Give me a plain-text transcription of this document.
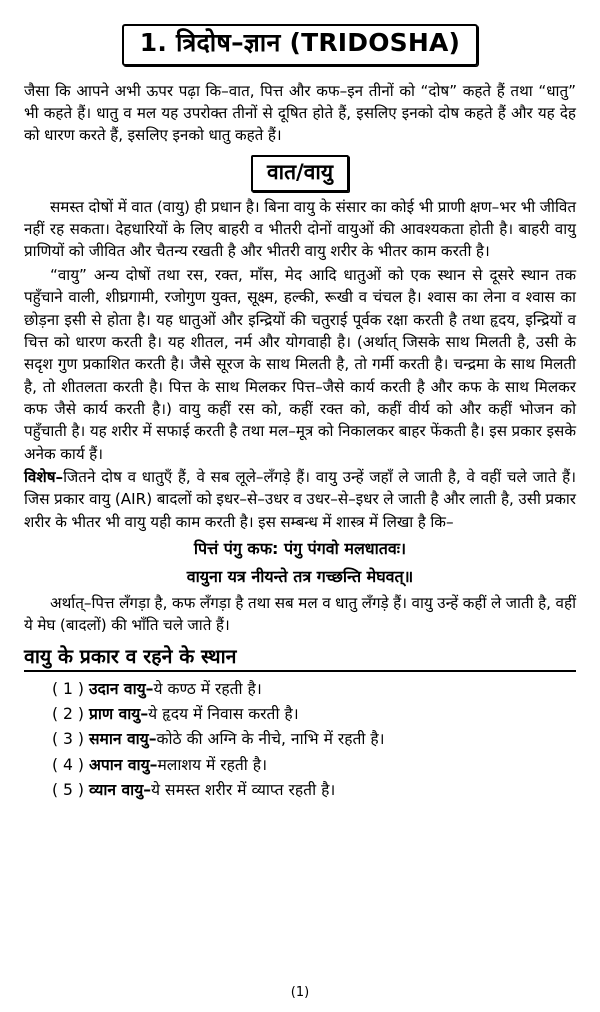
1. त्रिदोष–ज्ञान (TRIDOSHA)

जैसा कि आपने अभी ऊपर पढ़ा कि–वात, पित्त और कफ–इन तीनों को “दोष” कहते हैं तथा “धातु” भी कहते हैं। धातु व मल यह उपरोक्त तीनों से दूषित होते हैं, इसलिए इनको दोष कहते हैं और यह देह को धारण करते हैं, इसलिए इनको धातु कहते हैं।

वात/वायु

समस्त दोषों में वात (वायु) ही प्रधान है। बिना वायु के संसार का कोई भी प्राणी क्षण–भर भी जीवित नहीं रह सकता। देहधारियों के लिए बाहरी व भीतरी दोनों वायुओं की आवश्यकता होती है। बाहरी वायु प्राणियों को जीवित और चैतन्य रखती है और भीतरी वायु शरीर के भीतर काम करती है।

“वायु” अन्य दोषों तथा रस, रक्त, माँस, मेद आदि धातुओं को एक स्थान से दूसरे स्थान तक पहुँचाने वाली, शीघ्रगामी, रजोगुण युक्त, सूक्ष्म, हल्की, रूखी व चंचल है। श्वास का लेना व श्वास का छोड़ना इसी से होता है। यह धातुओं और इन्द्रियों की चतुराई पूर्वक रक्षा करती है तथा हृदय, इन्द्रियों व चित्त को धारण करती है। यह शीतल, नर्म और योगवाही है। (अर्थात् जिसके साथ मिलती है, उसी के सदृश गुण प्रकाशित करती है। जैसे सूरज के साथ मिलती है, तो गर्मी करती है। चन्द्रमा के साथ मिलती है, तो शीतलता करती है। पित्त के साथ मिलकर पित्त–जैसे कार्य करती है और कफ के साथ मिलकर कफ जैसे कार्य करती है।) वायु कहीं रस को, कहीं रक्त को, कहीं वीर्य को और कहीं भोजन को पहुँचाती है। यह शरीर में सफाई करती है तथा मल–मूत्र को निकालकर बाहर फेंकती है। इस प्रकार इसके अनेक कार्य हैं।

विशेष–जितने दोष व धातुएँ हैं, वे सब लूले–लँगड़े हैं। वायु उन्हें जहाँ ले जाती है, वे वहीं चले जाते हैं। जिस प्रकार वायु (AIR) बादलों को इधर–से–उधर व उधर–से–इधर ले जाती है और लाती है, उसी प्रकार शरीर के भीतर भी वायु यही काम करती है। इस सम्बन्ध में शास्त्र में लिखा है कि–

पित्तं पंगु कफ: पंगु पंगवो मलधातवः।
वायुना यत्र नीयन्ते तत्र गच्छन्ति मेघवत्॥

अर्थात्–पित्त लँगड़ा है, कफ लँगड़ा है तथा सब मल व धातु लँगड़े हैं। वायु उन्हें कहीं ले जाती है, वहीं ये मेघ (बादलों) की भाँति चले जाते हैं।

वायु के प्रकार व रहने के स्थान
( 1 ) उदान वायु–ये कण्ठ में रहती है।
( 2 ) प्राण वायु–ये हृदय में निवास करती है।
( 3 ) समान वायु–कोठे की अग्नि के नीचे, नाभि में रहती है।
( 4 ) अपान वायु–मलाशय में रहती है।
( 5 ) व्यान वायु–ये समस्त शरीर में व्याप्त रहती है।
(1)
